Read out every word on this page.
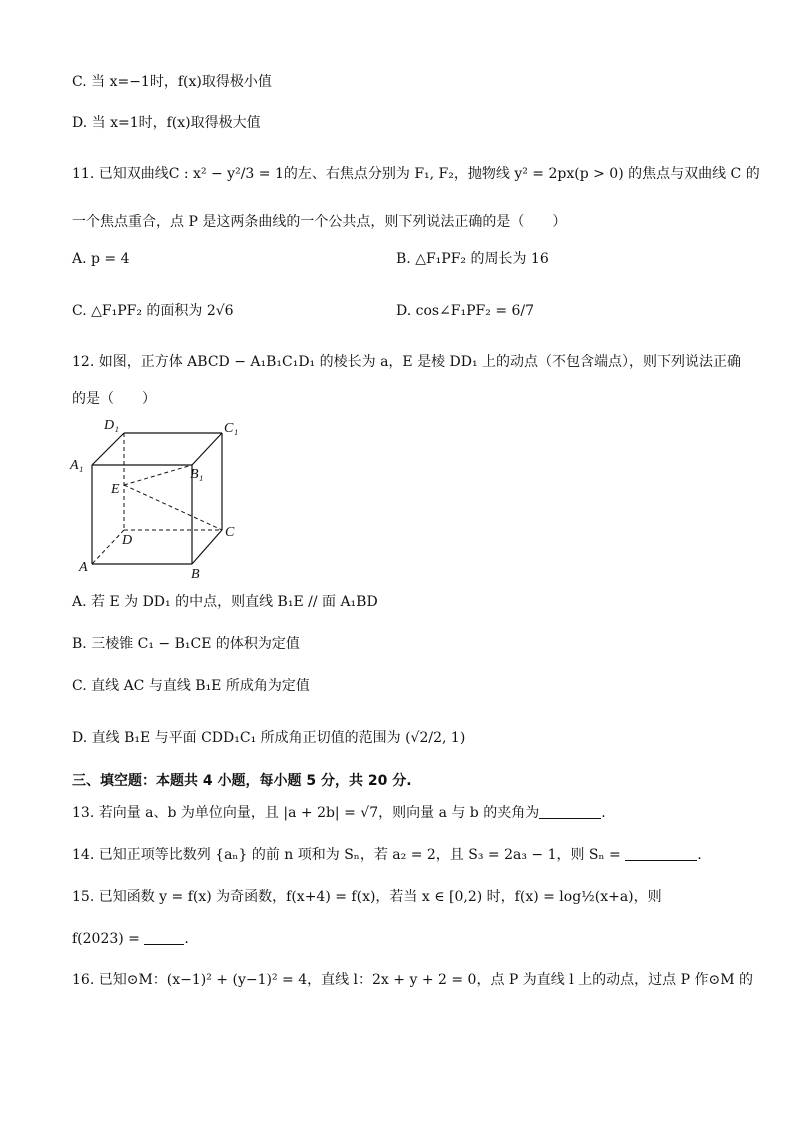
C. 当 x=−1时，f(x)取得极小值
D. 当 x=1时，f(x)取得极大值
11. 已知双曲线C : x² − y²/3 = 1的左、右焦点分别为 F₁, F₂，抛物线 y² = 2px(p > 0) 的焦点与双曲线 C 的
一个焦点重合，点 P 是这两条曲线的一个公共点，则下列说法正确的是（　　）
A. p = 4	B. △F₁PF₂ 的周长为 16
C. △F₁PF₂ 的面积为 2√6	D. cos∠F₁PF₂ = 6/7
12. 如图，正方体 ABCD − A₁B₁C₁D₁ 的棱长为 a，E 是棱 DD₁ 上的动点（不包含端点），则下列说法正确
的是（　　）
D₁	C₁
A₁
B₁
E
C
D
A	B
A. 若 E 为 DD₁ 的中点，则直线 B₁E // 面 A₁BD
B. 三棱锥 C₁ − B₁CE 的体积为定值
C. 直线 AC 与直线 B₁E 所成角为定值
D. 直线 B₁E 与平面 CDD₁C₁ 所成角正切值的范围为 (√2/2, 1)
三、填空题：本题共 4 小题，每小题 5 分，共 20 分.
13. 若向量 a、b 为单位向量，且 |a + 2b| = √7，则向量 a 与 b 的夹角为	.
14. 已知正项等比数列 {aₙ} 的前 n 项和为 Sₙ，若 a₂ = 2，且 S₃ = 2a₃ − 1，则 Sₙ =	.
15. 已知函数 y = f(x) 为奇函数，f(x+4) = f(x)，若当 x ∈ [0,2) 时，f(x) = log½(x+a)，则
f(2023) =	.
16. 已知⊙M：(x−1)² + (y−1)² = 4，直线 l：2x + y + 2 = 0，点 P 为直线 l 上的动点，过点 P 作⊙M 的
